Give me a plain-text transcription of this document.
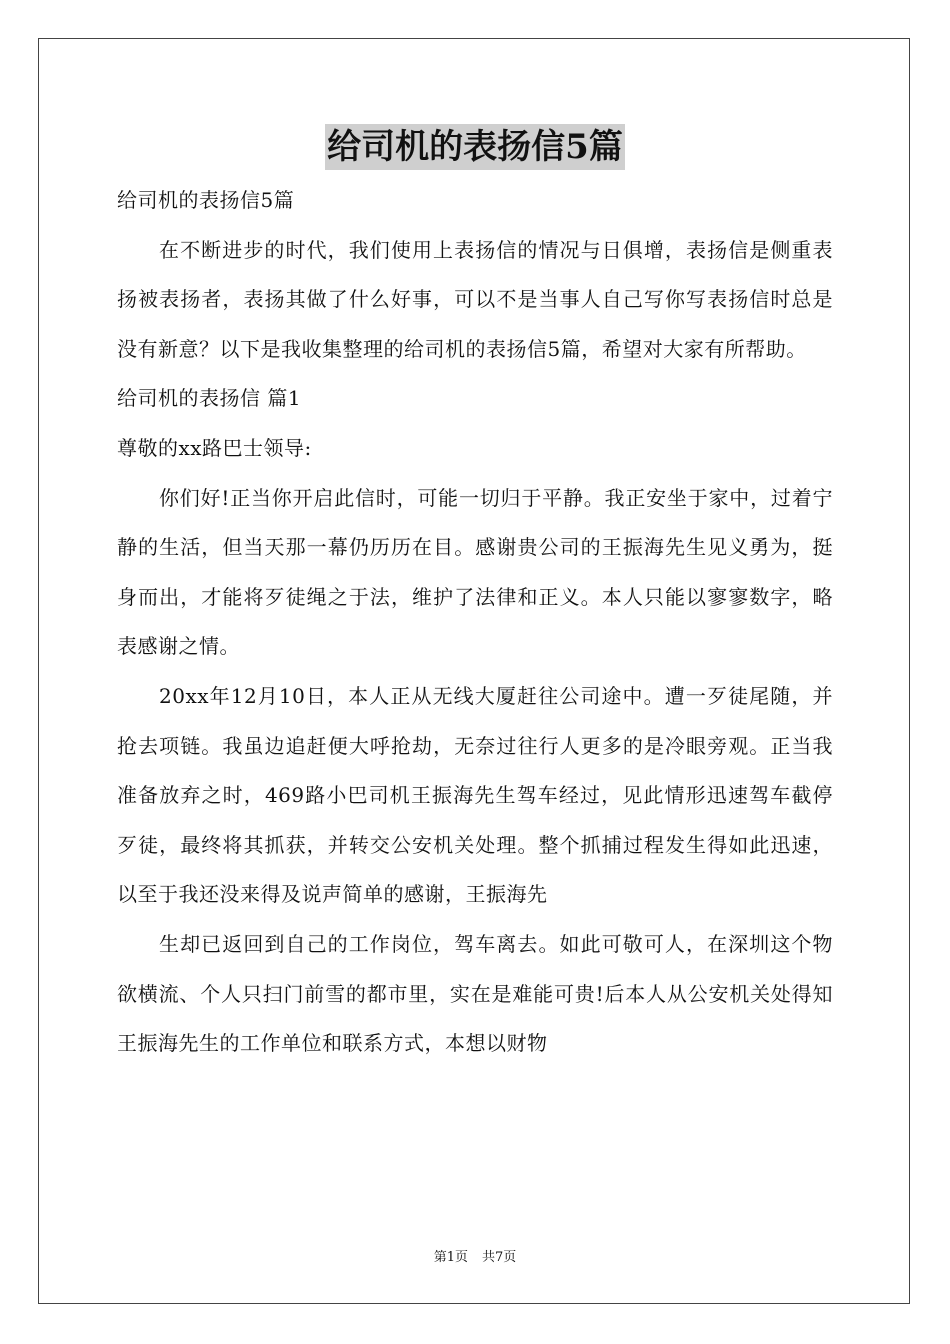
给司机的表扬信5篇

给司机的表扬信5篇

在不断进步的时代，我们使用上表扬信的情况与日俱增，表扬信是侧重表扬被表扬者，表扬其做了什么好事，可以不是当事人自己写你写表扬信时总是没有新意？以下是我收集整理的给司机的表扬信5篇，希望对大家有所帮助。

给司机的表扬信 篇1

尊敬的xx路巴士领导:

你们好!正当你开启此信时，可能一切归于平静。我正安坐于家中，过着宁静的生活，但当天那一幕仍历历在目。感谢贵公司的王振海先生见义勇为，挺身而出，才能将歹徒绳之于法，维护了法律和正义。本人只能以寥寥数字，略表感谢之情。

20xx年12月10日，本人正从无线大厦赶往公司途中。遭一歹徒尾随，并抢去项链。我虽边追赶便大呼抢劫，无奈过往行人更多的是冷眼旁观。正当我准备放弃之时，469路小巴司机王振海先生驾车经过，见此情形迅速驾车截停歹徒，最终将其抓获，并转交公安机关处理。整个抓捕过程发生得如此迅速，以至于我还没来得及说声简单的感谢，王振海先

生却已返回到自己的工作岗位，驾车离去。如此可敬可人，在深圳这个物欲横流、个人只扫门前雪的都市里，实在是难能可贵!后本人从公安机关处得知王振海先生的工作单位和联系方式，本想以财物

第1页 共7页
